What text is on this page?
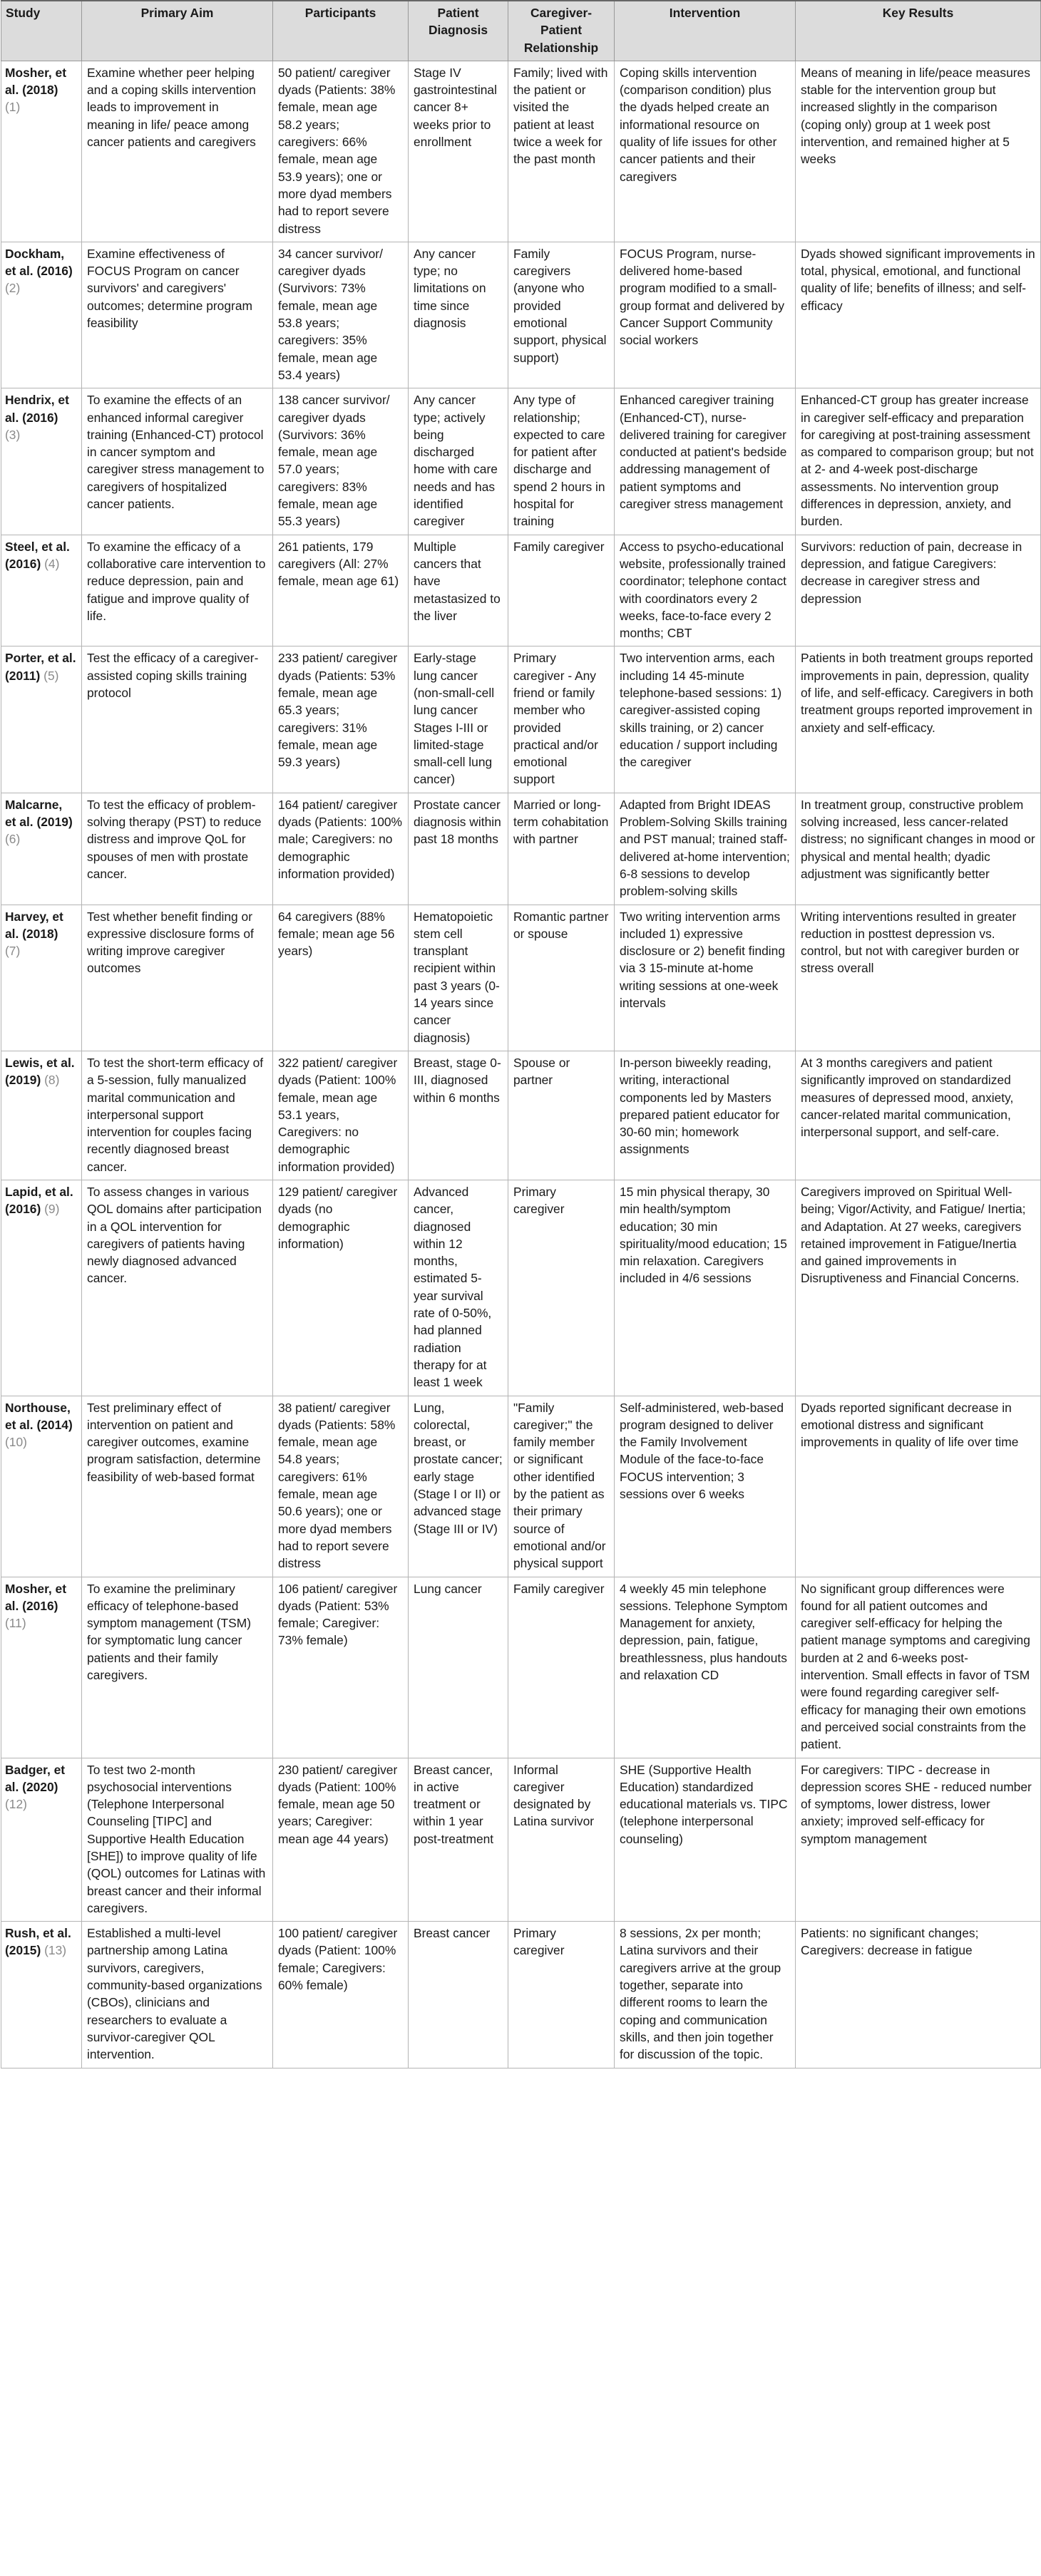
Study	Primary Aim	Participants	Patient Diagnosis	Caregiver-Patient Relationship	Intervention	Key Results
Mosher, et al. (2018) (1)	Examine whether peer helping and a coping skills intervention leads to improvement in meaning in life/ peace among cancer patients and caregivers	50 patient/ caregiver dyads (Patients: 38% female, mean age 58.2 years; caregivers: 66% female, mean age 53.9 years); one or more dyad members had to report severe distress	Stage IV gastrointestinal cancer 8+ weeks prior to enrollment	Family; lived with the patient or visited the patient at least twice a week for the past month	Coping skills intervention (comparison condition) plus the dyads helped create an informational resource on quality of life issues for other cancer patients and their caregivers	Means of meaning in life/peace measures stable for the intervention group but increased slightly in the comparison (coping only) group at 1 week post intervention, and remained higher at 5 weeks
Dockham, et al. (2016) (2)	Examine effectiveness of FOCUS Program on cancer survivors' and caregivers' outcomes; determine program feasibility	34 cancer survivor/ caregiver dyads (Survivors: 73% female, mean age 53.8 years; caregivers: 35% female, mean age 53.4 years)	Any cancer type; no limitations on time since diagnosis	Family caregivers (anyone who provided emotional support, physical support)	FOCUS Program, nurse-delivered home-based program modified to a small-group format and delivered by Cancer Support Community social workers	Dyads showed significant improvements in total, physical, emotional, and functional quality of life; benefits of illness; and self-efficacy
Hendrix, et al. (2016) (3)	To examine the effects of an enhanced informal caregiver training (Enhanced-CT) protocol in cancer symptom and caregiver stress management to caregivers of hospitalized cancer patients.	138 cancer survivor/ caregiver dyads (Survivors: 36% female, mean age 57.0 years; caregivers: 83% female, mean age 55.3 years)	Any cancer type; actively being discharged home with care needs and has identified caregiver	Any type of relationship; expected to care for patient after discharge and spend 2 hours in hospital for training	Enhanced caregiver training (Enhanced-CT), nurse-delivered training for caregiver conducted at patient's bedside addressing management of patient symptoms and caregiver stress management	Enhanced-CT group has greater increase in caregiver self-efficacy and preparation for caregiving at post-training assessment as compared to comparison group; but not at 2- and 4-week post-discharge assessments. No intervention group differences in depression, anxiety, and burden.
Steel, et al. (2016) (4)	To examine the efficacy of a collaborative care intervention to reduce depression, pain and fatigue and improve quality of life.	261 patients, 179 caregivers (All: 27% female, mean age 61)	Multiple cancers that have metastasized to the liver	Family caregiver	Access to psycho-educational website, professionally trained coordinator; telephone contact with coordinators every 2 weeks, face-to-face every 2 months; CBT	Survivors: reduction of pain, decrease in depression, and fatigue Caregivers: decrease in caregiver stress and depression
Porter, et al. (2011) (5)	Test the efficacy of a caregiver-assisted coping skills training protocol	233 patient/ caregiver dyads (Patients: 53% female, mean age 65.3 years; caregivers: 31% female, mean age 59.3 years)	Early-stage lung cancer (non-small-cell lung cancer Stages I-III or limited-stage small-cell lung cancer)	Primary caregiver - Any friend or family member who provided practical and/or emotional support	Two intervention arms, each including 14 45-minute telephone-based sessions: 1) caregiver-assisted coping skills training, or 2) cancer education / support including the caregiver	Patients in both treatment groups reported improvements in pain, depression, quality of life, and self-efficacy. Caregivers in both treatment groups reported improvement in anxiety and self-efficacy.
Malcarne, et al. (2019) (6)	To test the efficacy of problem-solving therapy (PST) to reduce distress and improve QoL for spouses of men with prostate cancer.	164 patient/ caregiver dyads (Patients: 100% male; Caregivers: no demographic information provided)	Prostate cancer diagnosis within past 18 months	Married or long-term cohabitation with partner	Adapted from Bright IDEAS Problem-Solving Skills training and PST manual; trained staff-delivered at-home intervention; 6-8 sessions to develop problem-solving skills	In treatment group, constructive problem solving increased, less cancer-related distress; no significant changes in mood or physical and mental health; dyadic adjustment was significantly better
Harvey, et al. (2018) (7)	Test whether benefit finding or expressive disclosure forms of writing improve caregiver outcomes	64 caregivers (88% female; mean age 56 years)	Hematopoietic stem cell transplant recipient within past 3 years (0-14 years since cancer diagnosis)	Romantic partner or spouse	Two writing intervention arms included 1) expressive disclosure or 2) benefit finding via 3 15-minute at-home writing sessions at one-week intervals	Writing interventions resulted in greater reduction in posttest depression vs. control, but not with caregiver burden or stress overall
Lewis, et al. (2019) (8)	To test the short-term efficacy of a 5-session, fully manualized marital communication and interpersonal support intervention for couples facing recently diagnosed breast cancer.	322 patient/ caregiver dyads (Patient: 100% female, mean age 53.1 years, Caregivers: no demographic information provided)	Breast, stage 0-III, diagnosed within 6 months	Spouse or partner	In-person biweekly reading, writing, interactional components led by Masters prepared patient educator for 30-60 min; homework assignments	At 3 months caregivers and patient significantly improved on standardized measures of depressed mood, anxiety, cancer-related marital communication, interpersonal support, and self-care.
Lapid, et al. (2016) (9)	To assess changes in various QOL domains after participation in a QOL intervention for caregivers of patients having newly diagnosed advanced cancer.	129 patient/ caregiver dyads (no demographic information)	Advanced cancer, diagnosed within 12 months, estimated 5-year survival rate of 0-50%, had planned radiation therapy for at least 1 week	Primary caregiver	15 min physical therapy, 30 min health/symptom education; 30 min spirituality/mood education; 15 min relaxation. Caregivers included in 4/6 sessions	Caregivers improved on Spiritual Well-being; Vigor/Activity, and Fatigue/ Inertia; and Adaptation. At 27 weeks, caregivers retained improvement in Fatigue/Inertia and gained improvements in Disruptiveness and Financial Concerns.
Northouse, et al. (2014) (10)	Test preliminary effect of intervention on patient and caregiver outcomes, examine program satisfaction, determine feasibility of web-based format	38 patient/ caregiver dyads (Patients: 58% female, mean age 54.8 years; caregivers: 61% female, mean age 50.6 years); one or more dyad members had to report severe distress	Lung, colorectal, breast, or prostate cancer; early stage (Stage I or II) or advanced stage (Stage III or IV)	"Family caregiver;" the family member or significant other identified by the patient as their primary source of emotional and/or physical support	Self-administered, web-based program designed to deliver the Family Involvement Module of the face-to-face FOCUS intervention; 3 sessions over 6 weeks	Dyads reported significant decrease in emotional distress and significant improvements in quality of life over time
Mosher, et al. (2016) (11)	To examine the preliminary efficacy of telephone-based symptom management (TSM) for symptomatic lung cancer patients and their family caregivers.	106 patient/ caregiver dyads (Patient: 53% female; Caregiver: 73% female)	Lung cancer	Family caregiver	4 weekly 45 min telephone sessions. Telephone Symptom Management for anxiety, depression, pain, fatigue, breathlessness, plus handouts and relaxation CD	No significant group differences were found for all patient outcomes and caregiver self-efficacy for helping the patient manage symptoms and caregiving burden at 2 and 6-weeks post-intervention. Small effects in favor of TSM were found regarding caregiver self-efficacy for managing their own emotions and perceived social constraints from the patient.
Badger, et al. (2020) (12)	To test two 2-month psychosocial interventions (Telephone Interpersonal Counseling [TIPC] and Supportive Health Education [SHE]) to improve quality of life (QOL) outcomes for Latinas with breast cancer and their informal caregivers.	230 patient/ caregiver dyads (Patient: 100% female, mean age 50 years; Caregiver: mean age 44 years)	Breast cancer, in active treatment or within 1 year post-treatment	Informal caregiver designated by Latina survivor	SHE (Supportive Health Education) standardized educational materials vs. TIPC (telephone interpersonal counseling)	For caregivers: TIPC - decrease in depression scores SHE - reduced number of symptoms, lower distress, lower anxiety; improved self-efficacy for symptom management
Rush, et al. (2015) (13)	Established a multi-level partnership among Latina survivors, caregivers, community-based organizations (CBOs), clinicians and researchers to evaluate a survivor-caregiver QOL intervention.	100 patient/ caregiver dyads (Patient: 100% female; Caregivers: 60% female)	Breast cancer	Primary caregiver	8 sessions, 2x per month; Latina survivors and their caregivers arrive at the group together, separate into different rooms to learn the coping and communication skills, and then join together for discussion of the topic.	Patients: no significant changes; Caregivers: decrease in fatigue
